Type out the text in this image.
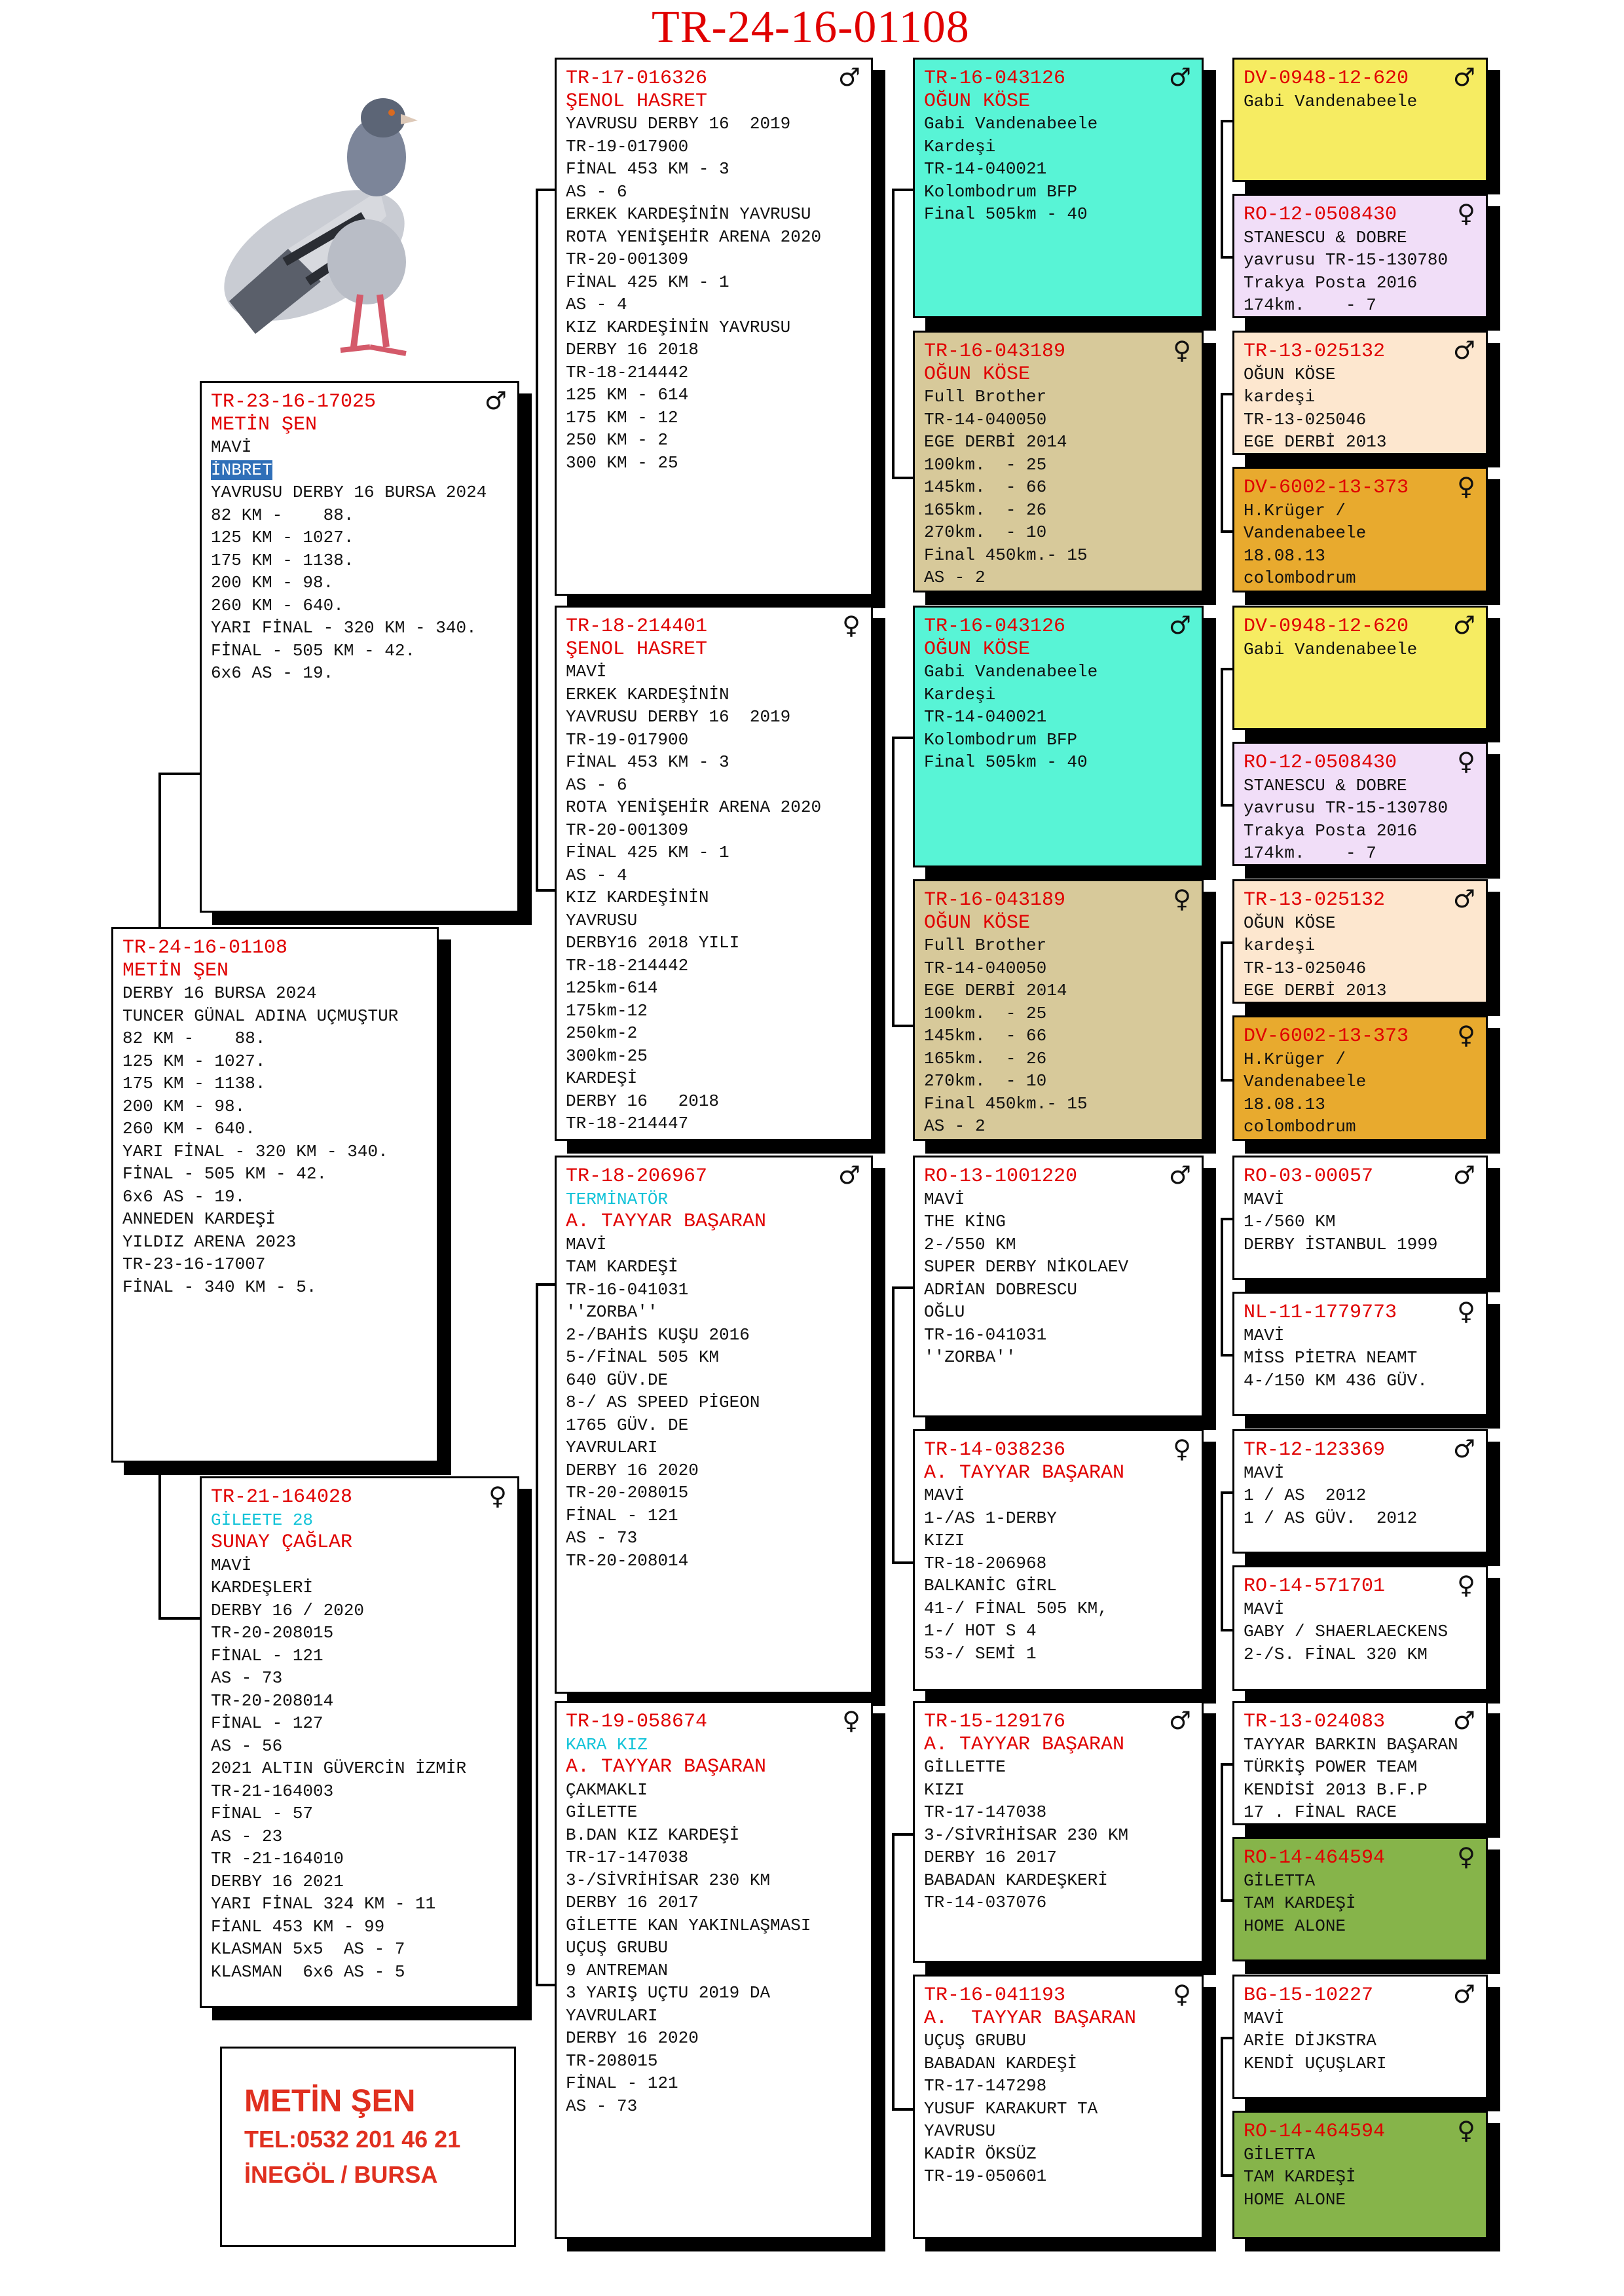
TR-24-16-01108
METİN ŞEN
TEL:0532 201 46 21
İNEGÖL / BURSA
TR-24-16-01108
METİN ŞEN
DERBY 16 BURSA 2024
TUNCER GÜNAL ADINA UÇMUŞTUR
82 KM -    88.
125 KM - 1027.
175 KM - 1138.
200 KM - 98.
260 KM - 640.
YARI FİNAL - 320 KM - 340.
FİNAL - 505 KM - 42.
6x6 AS - 19.
ANNEDEN KARDEŞİ
YILDIZ ARENA 2023
TR-23-16-17007
FİNAL - 340 KM - 5.
♂
TR-23-16-17025
METİN ŞEN
MAVİ
İNBRET
YAVRUSU DERBY 16 BURSA 2024
82 KM -    88.
125 KM - 1027.
175 KM - 1138.
200 KM - 98.
260 KM - 640.
YARI FİNAL - 320 KM - 340.
FİNAL - 505 KM - 42.
6x6 AS - 19.
♀
TR-21-164028
GİLEETE 28
SUNAY ÇAĞLAR
MAVİ
KARDEŞLERİ
DERBY 16 / 2020
TR-20-208015
FİNAL - 121
AS - 73
TR-20-208014
FİNAL - 127
AS - 56
2021 ALTIN GÜVERCİN İZMİR
TR-21-164003
FİNAL - 57
AS - 23
TR -21-164010
DERBY 16 2021
YARI FİNAL 324 KM - 11
FİANL 453 KM - 99
KLASMAN 5x5  AS - 7
KLASMAN  6x6 AS - 5
♂
TR-17-016326
ŞENOL HASRET
YAVRUSU DERBY 16  2019
TR-19-017900
FİNAL 453 KM - 3
AS - 6
ERKEK KARDEŞİNİN YAVRUSU
ROTA YENİŞEHİR ARENA 2020
TR-20-001309
FİNAL 425 KM - 1
AS - 4
KIZ KARDEŞİNİN YAVRUSU
DERBY 16 2018
TR-18-214442
125 KM - 614
175 KM - 12
250 KM - 2
300 KM - 25
♀
TR-18-214401
ŞENOL HASRET
MAVİ
ERKEK KARDEŞİNİN
YAVRUSU DERBY 16  2019
TR-19-017900
FİNAL 453 KM - 3
AS - 6
ROTA YENİŞEHİR ARENA 2020
TR-20-001309
FİNAL 425 KM - 1
AS - 4
KIZ KARDEŞİNİN
YAVRUSU
DERBY16 2018 YILI
TR-18-214442
125km-614
175km-12
250km-2
300km-25
KARDEŞİ
DERBY 16   2018
TR-18-214447
♂
TR-18-206967
TERMİNATÖR
A. TAYYAR BAŞARAN
MAVİ
TAM KARDEŞİ
TR-16-041031
''ZORBA''
2-/BAHİS KUŞU 2016
5-/FİNAL 505 KM
640 GÜV.DE
8-/ AS SPEED PİGEON
1765 GÜV. DE
YAVRULARI
DERBY 16 2020
TR-20-208015
FİNAL - 121
AS - 73
TR-20-208014
♀
TR-19-058674
KARA KIZ
A. TAYYAR BAŞARAN
ÇAKMAKLI
GİLETTE
B.DAN KIZ KARDEŞİ
TR-17-147038
3-/SİVRİHİSAR 230 KM
DERBY 16 2017
GİLETTE KAN YAKINLAŞMASI
UÇUŞ GRUBU
9 ANTREMAN
3 YARIŞ UÇTU 2019 DA
YAVRULARI
DERBY 16 2020
TR-208015
FİNAL - 121
AS - 73
♂
TR-16-043126
OĞUN KÖSE
Gabi Vandenabeele
Kardeşi
TR-14-040021
Kolombodrum BFP
Final 505km - 40
♀
TR-16-043189
OĞUN KÖSE
Full Brother
TR-14-040050
EGE DERBİ 2014
100km.  - 25
145km.  - 66
165km.  - 26
270km.  - 10
Final 450km.- 15
AS - 2
♂
TR-16-043126
OĞUN KÖSE
Gabi Vandenabeele
Kardeşi
TR-14-040021
Kolombodrum BFP
Final 505km - 40
♀
TR-16-043189
OĞUN KÖSE
Full Brother
TR-14-040050
EGE DERBİ 2014
100km.  - 25
145km.  - 66
165km.  - 26
270km.  - 10
Final 450km.- 15
AS - 2
♂
RO-13-1001220
MAVİ
THE KİNG
2-/550 KM
SUPER DERBY NİKOLAEV
ADRİAN DOBRESCU
OĞLU
TR-16-041031
''ZORBA''
♀
TR-14-038236
A. TAYYAR BAŞARAN
MAVİ
1-/AS 1-DERBY
KIZI
TR-18-206968
BALKANİC GİRL
41-/ FİNAL 505 KM,
1-/ HOT S 4
53-/ SEMİ 1
♂
TR-15-129176
A. TAYYAR BAŞARAN
GİLLETTE
KIZI
TR-17-147038
3-/SİVRİHİSAR 230 KM
DERBY 16 2017
BABADAN KARDEŞKERİ
TR-14-037076
♀
TR-16-041193
A.  TAYYAR BAŞARAN
UÇUŞ GRUBU
BABADAN KARDEŞİ
TR-17-147298
YUSUF KARAKURT TA
YAVRUSU
KADİR ÖKSÜZ
TR-19-050601
♂
DV-0948-12-620
Gabi Vandenabeele
♀
RO-12-0508430
STANESCU & DOBRE
yavrusu TR-15-130780
Trakya Posta 2016
174km.    - 7
♂
TR-13-025132
OĞUN KÖSE
kardeşi
TR-13-025046
EGE DERBİ 2013
♀
DV-6002-13-373
H.Krüger /
Vandenabeele
18.08.13
colombodrum
♂
DV-0948-12-620
Gabi Vandenabeele
♀
RO-12-0508430
STANESCU & DOBRE
yavrusu TR-15-130780
Trakya Posta 2016
174km.    - 7
♂
TR-13-025132
OĞUN KÖSE
kardeşi
TR-13-025046
EGE DERBİ 2013
♀
DV-6002-13-373
H.Krüger /
Vandenabeele
18.08.13
colombodrum
♂
RO-03-00057
MAVİ
1-/560 KM
DERBY İSTANBUL 1999
♀
NL-11-1779773
MAVİ
MİSS PİETRA NEAMT
4-/150 KM 436 GÜV.
♂
TR-12-123369
MAVİ
1 / AS  2012
1 / AS GÜV.  2012
♀
RO-14-571701
MAVİ
GABY / SHAERLAECKENS
2-/S. FİNAL 320 KM
♂
TR-13-024083
TAYYAR BARKIN BAŞARAN
TÜRKİŞ POWER TEAM
KENDİSİ 2013 B.F.P
17 . FİNAL RACE
♀
RO-14-464594
GİLETTA
TAM KARDEŞİ
HOME ALONE
♂
BG-15-10227
MAVİ
ARİE DİJKSTRA
KENDİ UÇUŞLARI
♀
RO-14-464594
GİLETTA
TAM KARDEŞİ
HOME ALONE
